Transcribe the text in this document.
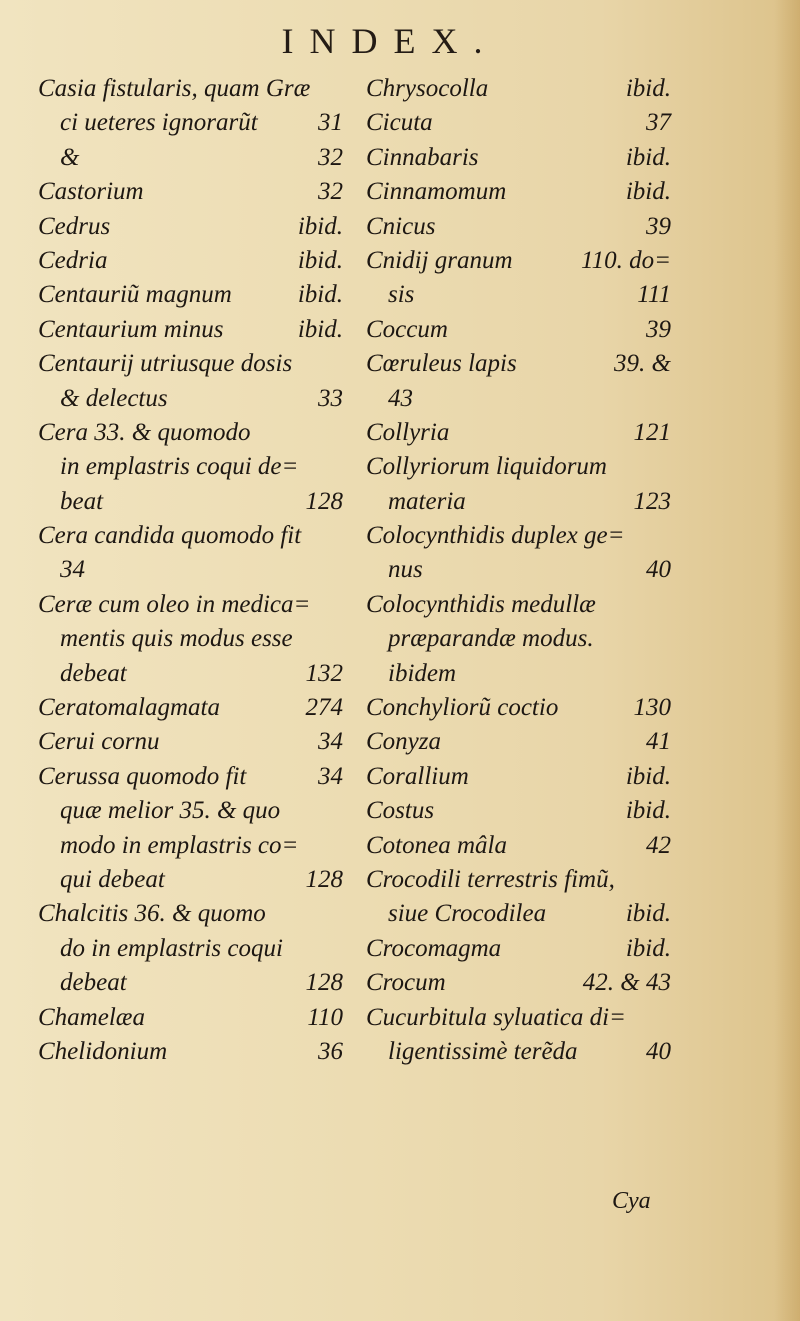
INDEX.
Casia fistularis, quam Græ
ci ueteres ignorarũt 31
&	32
Castorium	32
Cedrus	ibid.
Cedria	ibid.
Centauriũ magnum	ibid.
Centaurium minus	ibid.
Centaurij utriusque dosis
& delectus	33
Cera 33. & quomodo
in emplastris coqui de=
beat	128
Cera candida quomodo fit
34
Ceræ cum oleo in medica=
mentis quis modus esse
debeat	132
Ceratomalagmata	274
Cerui cornu	34
Cerussa quomodo fit	34
quæ melior 35. & quo
modo in emplastris co=
qui debeat	128
Chalcitis 36. & quomo
do in emplastris coqui
debeat	128
Chamelæa	110
Chelidonium	36
Chrysocolla	ibid.
Cicuta	37
Cinnabaris	ibid.
Cinnamomum	ibid.
Cnicus	39
Cnidij granum	110. do=
sis	111
Coccum	39
Cœruleus lapis	39. &
43
Collyria	121
Collyriorum liquidorum
materia	123
Colocynthidis duplex ge=
nus	40
Colocynthidis medullæ
præparandæ modus.
ibidem
Conchyliorũ coctio	130
Conyza	41
Corallium	ibid.
Costus	ibid.
Cotonea mâla	42
Crocodili terrestris fimũ,
siue Crocodilea	ibid.
Crocomagma	ibid.
Crocum	42. & 43
Cucurbitula syluatica di=
ligentissimè terẽda	40
Cya
